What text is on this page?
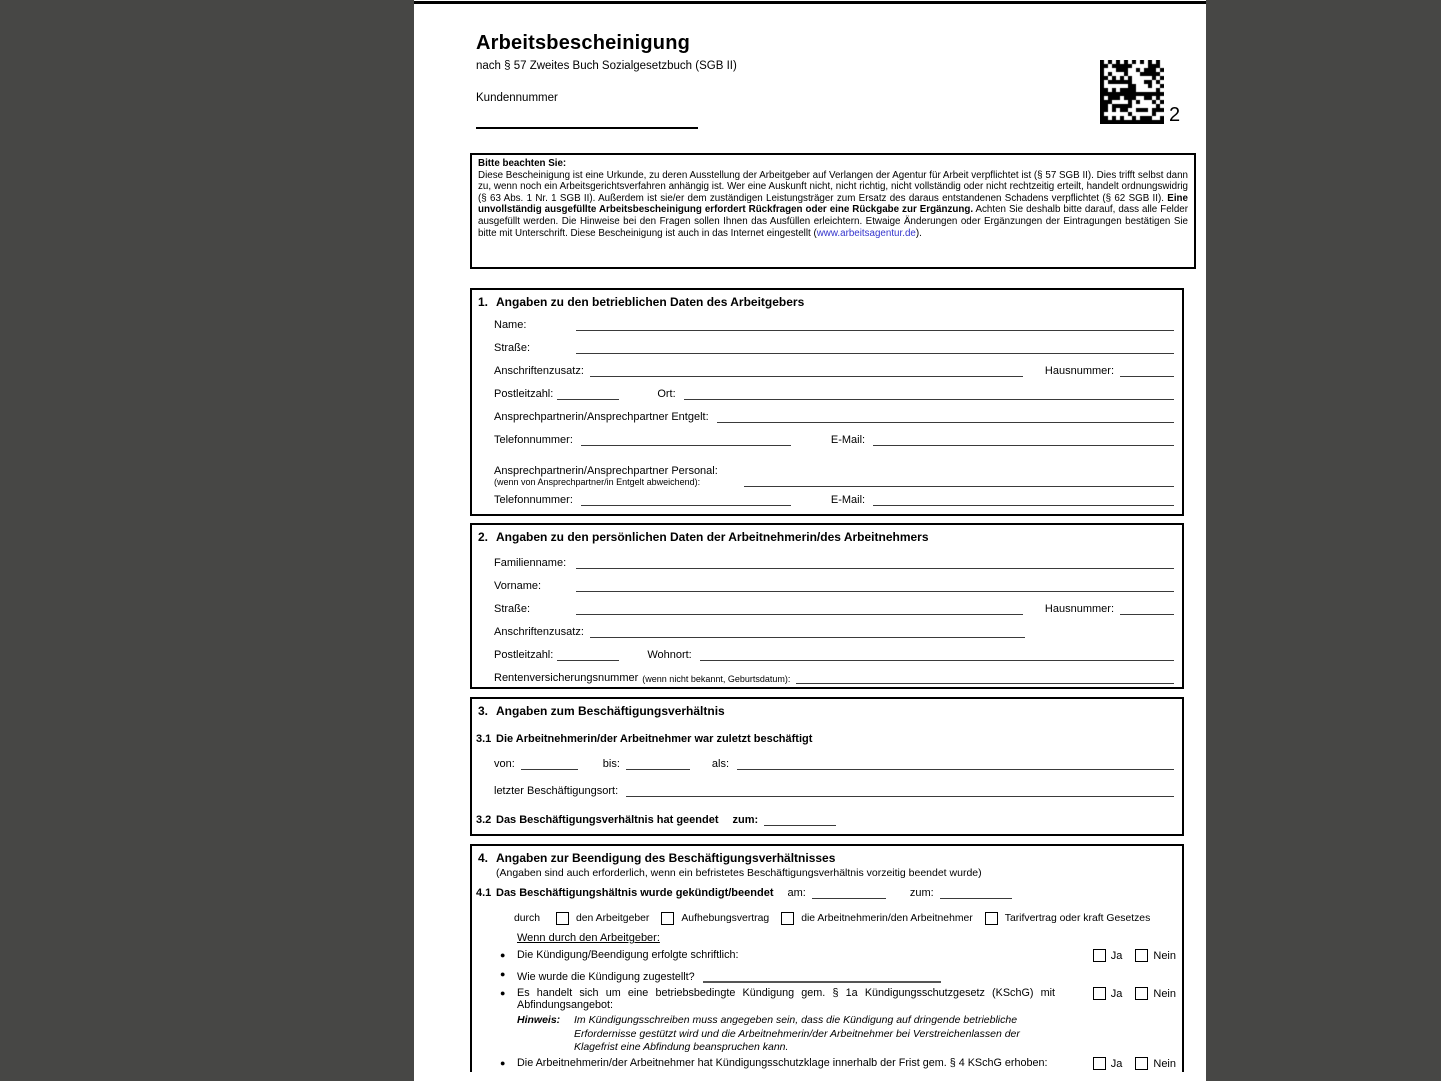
Arbeitsbescheinigung
nach § 57 Zweites Buch Sozialgesetzbuch (SGB II)
Kundennummer
2
Bitte beachten Sie:
Diese Bescheinigung ist eine Urkunde, zu deren Ausstellung der Arbeitgeber auf Verlangen der Agentur für Arbeit verpflichtet ist (§ 57 SGB II). Dies trifft selbst dann zu, wenn noch ein Arbeitsgerichtsverfahren anhängig ist. Wer eine Auskunft nicht, nicht richtig, nicht vollständig oder nicht rechtzeitig erteilt, handelt ordnungswidrig (§ 63 Abs. 1 Nr. 1 SGB II). Außerdem ist sie/er dem zuständigen Leistungsträger zum Ersatz des daraus entstandenen Schadens verpflichtet (§ 62 SGB II). Eine unvollständig ausgefüllte Arbeitsbescheinigung erfordert Rückfragen oder eine Rückgabe zur Ergänzung. Achten Sie deshalb bitte darauf, dass alle Felder ausgefüllt werden. Die Hinweise bei den Fragen sollen Ihnen das Ausfüllen erleichtern. Etwaige Änderungen oder Ergänzungen der Eintragungen bestätigen Sie bitte mit Unterschrift. Diese Bescheinigung ist auch in das Internet eingestellt (www.arbeitsagentur.de).
1. Angaben zu den betrieblichen Daten des Arbeitgebers
Name:
Straße:
Anschriftenzusatz:	Hausnummer:
Postleitzahl:	Ort:
Ansprechpartnerin/Ansprechpartner Entgelt:
Telefonnummer:	E-Mail:
Ansprechpartnerin/Ansprechpartner Personal:
(wenn von Ansprechpartner/in Entgelt abweichend):
Telefonnummer:	E-Mail:
2. Angaben zu den persönlichen Daten der Arbeitnehmerin/des Arbeitnehmers
Familienname:
Vorname:
Straße:	Hausnummer:
Anschriftenzusatz:
Postleitzahl:	Wohnort:
Rentenversicherungsnummer (wenn nicht bekannt, Geburtsdatum):
3. Angaben zum Beschäftigungsverhältnis
3.1 Die Arbeitnehmerin/der Arbeitnehmer war zuletzt beschäftigt
von:	bis:	als:
letzter Beschäftigungsort:
3.2 Das Beschäftigungsverhältnis hat geendet zum:
4. Angaben zur Beendigung des Beschäftigungsverhältnisses
(Angaben sind auch erforderlich, wenn ein befristetes Beschäftigungsverhältnis vorzeitig beendet wurde)
4.1 Das Beschäftigungshältnis wurde gekündigt/beendet am:	zum:
durch	den Arbeitgeber	Aufhebungsvertrag	die Arbeitnehmerin/den Arbeitnehmer	Tarifvertrag oder kraft Gesetzes
Wenn durch den Arbeitgeber:
● Die Kündigung/Beendigung erfolgte schriftlich:	Ja	Nein
● Wie wurde die Kündigung zugestellt?
● Es handelt sich um eine betriebsbedingte Kündigung gem. § 1a Kündigungsschutzgesetz (KSchG) mit
Abfindungsangebot:
Ja	Nein
Hinweis:	Im Kündigungsschreiben muss angegeben sein, dass die Kündigung auf dringende betriebliche Erfordernisse gestützt wird und die Arbeitnehmerin/der Arbeitnehmer bei Verstreichenlassen der Klagefrist eine Abfindung beanspruchen kann.
● Die Arbeitnehmerin/der Arbeitnehmer hat Kündigungsschutzklage innerhalb der Frist gem. § 4 KSchG erhoben:	Ja	Nein
